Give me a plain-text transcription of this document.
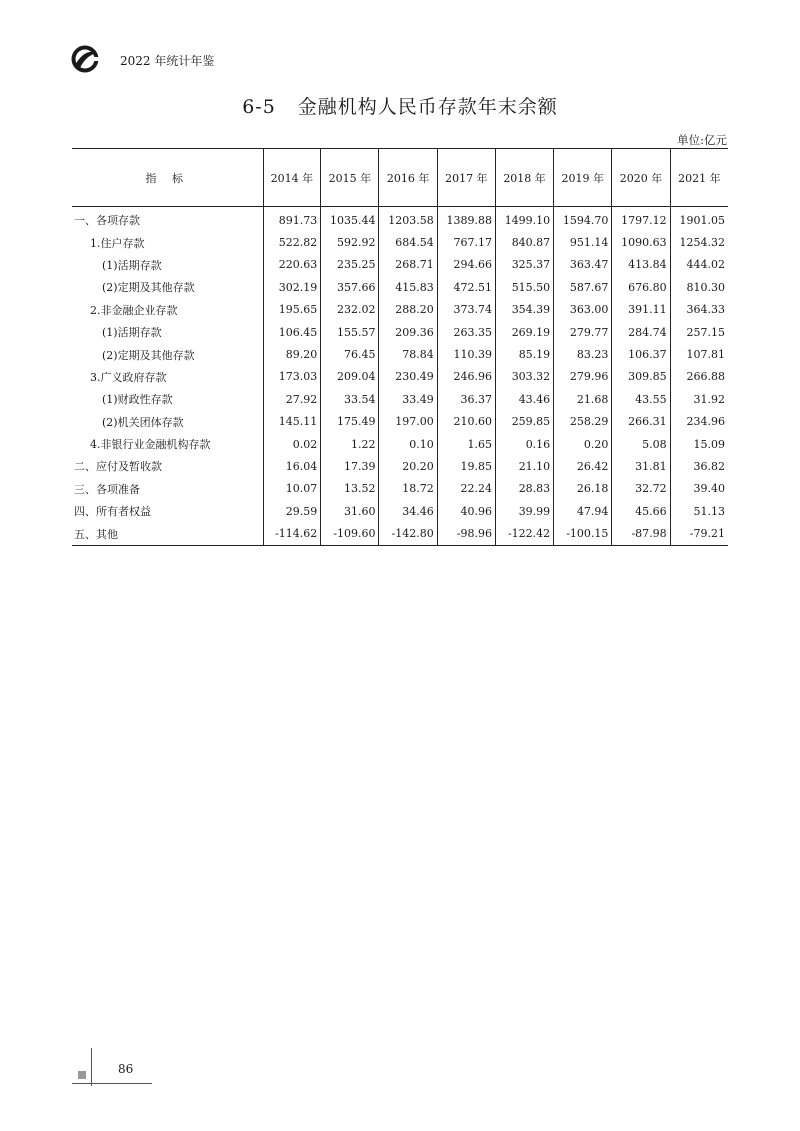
2022 年统计年鉴
6-5 金融机构人民币存款年末余额
单位:亿元
指 标	2014 年	2015 年	2016 年	2017 年	2018 年	2019 年	2020 年	2021 年
一、各项存款	891.73	1035.44	1203.58	1389.88	1499.10	1594.70	1797.12	1901.05
1.住户存款	522.82	592.92	684.54	767.17	840.87	951.14	1090.63	1254.32
(1)活期存款	220.63	235.25	268.71	294.66	325.37	363.47	413.84	444.02
(2)定期及其他存款	302.19	357.66	415.83	472.51	515.50	587.67	676.80	810.30
2.非金融企业存款	195.65	232.02	288.20	373.74	354.39	363.00	391.11	364.33
(1)活期存款	106.45	155.57	209.36	263.35	269.19	279.77	284.74	257.15
(2)定期及其他存款	89.20	76.45	78.84	110.39	85.19	83.23	106.37	107.81
3.广义政府存款	173.03	209.04	230.49	246.96	303.32	279.96	309.85	266.88
(1)财政性存款	27.92	33.54	33.49	36.37	43.46	21.68	43.55	31.92
(2)机关团体存款	145.11	175.49	197.00	210.60	259.85	258.29	266.31	234.96
4.非银行业金融机构存款	0.02	1.22	0.10	1.65	0.16	0.20	5.08	15.09
二、应付及暂收款	16.04	17.39	20.20	19.85	21.10	26.42	31.81	36.82
三、各项准备	10.07	13.52	18.72	22.24	28.83	26.18	32.72	39.40
四、所有者权益	29.59	31.60	34.46	40.96	39.99	47.94	45.66	51.13
五、其他	-114.62	-109.60	-142.80	-98.96	-122.42	-100.15	-87.98	-79.21
86
